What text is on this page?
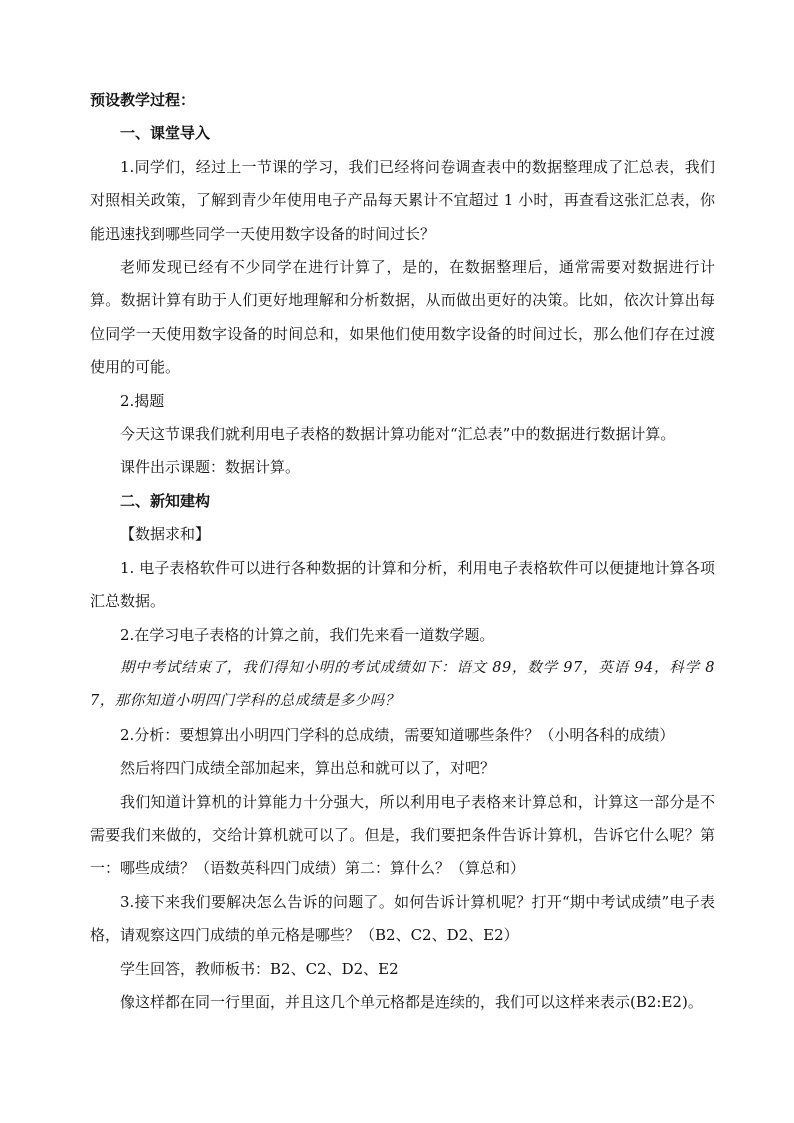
预设教学过程：

一、课堂导入

1.同学们，经过上一节课的学习，我们已经将问卷调查表中的数据整理成了汇总表，我们对照相关政策，了解到青少年使用电子产品每天累计不宜超过 1 小时，再查看这张汇总表，你能迅速找到哪些同学一天使用数字设备的时间过长？

老师发现已经有不少同学在进行计算了，是的，在数据整理后，通常需要对数据进行计算。数据计算有助于人们更好地理解和分析数据，从而做出更好的决策。比如，依次计算出每位同学一天使用数字设备的时间总和，如果他们使用数字设备的时间过长，那么他们存在过渡使用的可能。

2.揭题

今天这节课我们就利用电子表格的数据计算功能对“汇总表”中的数据进行数据计算。

课件出示课题：数据计算。

二、新知建构

【数据求和】

1. 电子表格软件可以进行各种数据的计算和分析，利用电子表格软件可以便捷地计算各项汇总数据。

2.在学习电子表格的计算之前，我们先来看一道数学题。

期中考试结束了，我们得知小明的考试成绩如下：语文 89，数学 97，英语 94，科学 87，那你知道小明四门学科的总成绩是多少吗？

2.分析：要想算出小明四门学科的总成绩，需要知道哪些条件？（小明各科的成绩）

然后将四门成绩全部加起来，算出总和就可以了，对吧？

我们知道计算机的计算能力十分强大，所以利用电子表格来计算总和，计算这一部分是不需要我们来做的，交给计算机就可以了。但是，我们要把条件告诉计算机，告诉它什么呢？第一：哪些成绩？（语数英科四门成绩）第二：算什么？（算总和）

3.接下来我们要解决怎么告诉的问题了。如何告诉计算机呢？打开“期中考试成绩”电子表格，请观察这四门成绩的单元格是哪些？（B2、C2、D2、E2）

学生回答，教师板书：B2、C2、D2、E2

像这样都在同一行里面，并且这几个单元格都是连续的，我们可以这样来表示(B2:E2)。
